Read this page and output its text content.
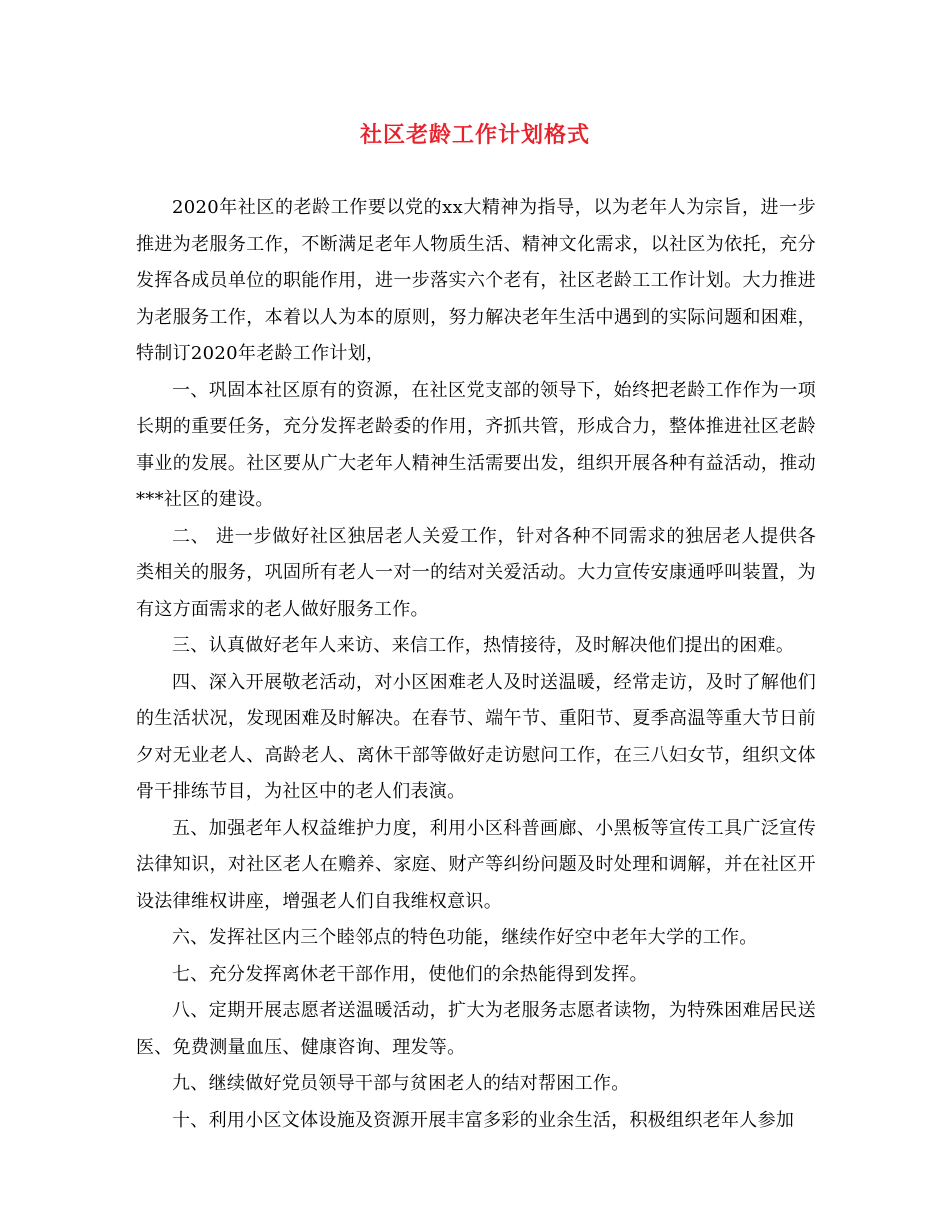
社区老龄工作计划格式

2020年社区的老龄工作要以党的xx大精神为指导，以为老年人为宗旨，进一步推进为老服务工作，不断满足老年人物质生活、精神文化需求，以社区为依托，充分发挥各成员单位的职能作用，进一步落实六个老有，社区老龄工工作计划。大力推进为老服务工作，本着以人为本的原则，努力解决老年生活中遇到的实际问题和困难，特制订2020年老龄工作计划，

一、巩固本社区原有的资源，在社区党支部的领导下，始终把老龄工作作为一项长期的重要任务，充分发挥老龄委的作用，齐抓共管，形成合力，整体推进社区老龄事业的发展。社区要从广大老年人精神生活需要出发，组织开展各种有益活动，推动***社区的建设。

二、 进一步做好社区独居老人关爱工作，针对各种不同需求的独居老人提供各类相关的服务，巩固所有老人一对一的结对关爱活动。大力宣传安康通呼叫装置，为有这方面需求的老人做好服务工作。

三、认真做好老年人来访、来信工作，热情接待，及时解决他们提出的困难。

四、深入开展敬老活动，对小区困难老人及时送温暖，经常走访，及时了解他们的生活状况，发现困难及时解决。在春节、端午节、重阳节、夏季高温等重大节日前夕对无业老人、高龄老人、离休干部等做好走访慰问工作，在三八妇女节，组织文体骨干排练节目，为社区中的老人们表演。

五、加强老年人权益维护力度，利用小区科普画廊、小黑板等宣传工具广泛宣传法律知识，对社区老人在赡养、家庭、财产等纠纷问题及时处理和调解，并在社区开设法律维权讲座，增强老人们自我维权意识。

六、发挥社区内三个睦邻点的特色功能，继续作好空中老年大学的工作。

七、充分发挥离休老干部作用，使他们的余热能得到发挥。

八、定期开展志愿者送温暖活动，扩大为老服务志愿者读物，为特殊困难居民送医、免费测量血压、健康咨询、理发等。

九、继续做好党员领导干部与贫困老人的结对帮困工作。

十、利用小区文体设施及资源开展丰富多彩的业余生活，积极组织老年人参加
